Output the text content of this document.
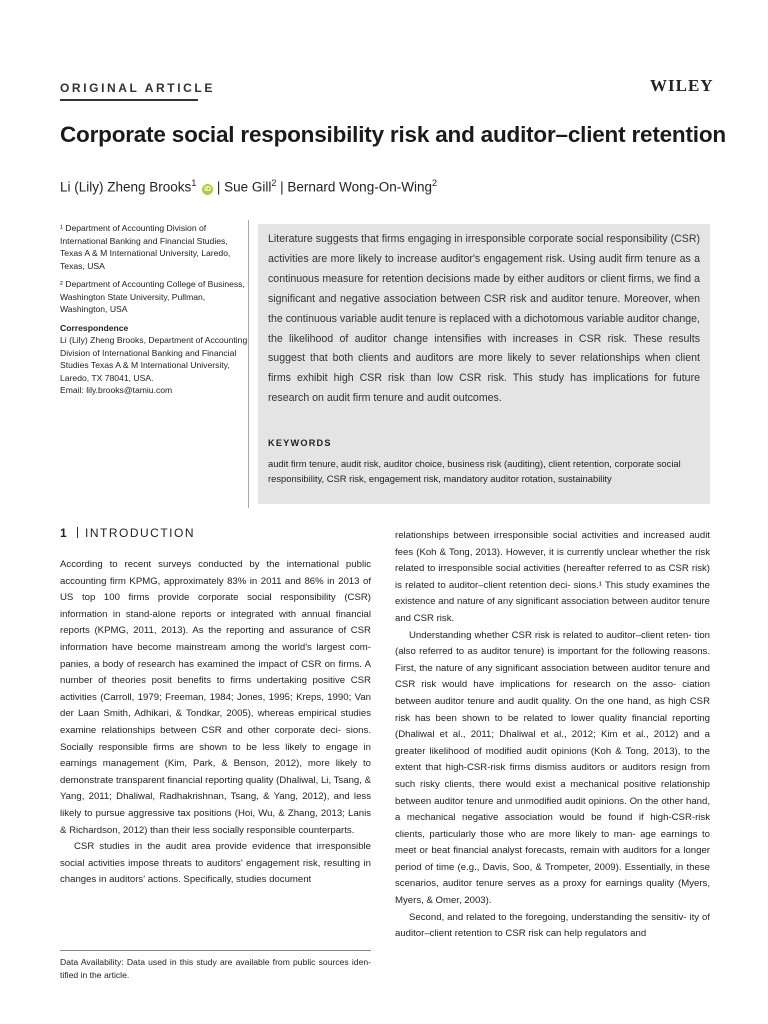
ORIGINAL ARTICLE	WILEY
Corporate social responsibility risk and auditor–client retention
Li (Lily) Zheng Brooks$^1$ iD | Sue Gill$^2$ | Bernard Wong-On-Wing$^2$

¹ Department of Accounting Division of International Banking and Financial Studies, Texas A & M International University, Laredo, Texas, USA

² Department of Accounting College of Business, Washington State University, Pullman, Washington, USA

Correspondence

Li (Lily) Zheng Brooks, Department of Accounting Division of International Banking and Financial Studies Texas A & M International University, Laredo, TX 78041, USA.

Email: lily.brooks@tamiu.com

Literature suggests that firms engaging in irresponsible corporate social responsibility (CSR) activities are more likely to increase auditor's engagement risk. Using audit firm tenure as a continuous measure for retention decisions made by either auditors or client firms, we find a significant and negative association between CSR risk and auditor tenure. Moreover, when the continuous variable audit tenure is replaced with a dichotomous variable auditor change, the likelihood of auditor change intensifies with increases in CSR risk. These results suggest that both clients and auditors are more likely to sever relationships when client firms exhibit high CSR risk than low CSR risk. This study has implications for future research on audit firm tenure and audit outcomes.
KEYWORDS
audit firm tenure, audit risk, auditor choice, business risk (auditing), client retention, corporate social responsibility, CSR risk, engagement risk, mandatory auditor rotation, sustainability
1 INTRODUCTION

According to recent surveys conducted by the international public accounting firm KPMG, approximately 83% in 2011 and 86% in 2013 of US top 100 firms provide corporate social responsibility (CSR) information in stand-alone reports or integrated with annual financial reports (KPMG, 2011, 2013). As the reporting and assurance of CSR information have become mainstream among the world's largest com- panies, a body of research has examined the impact of CSR on firms. A number of theories posit benefits to firms undertaking positive CSR activities (Carroll, 1979; Freeman, 1984; Jones, 1995; Kreps, 1990; Van der Laan Smith, Adhikari, & Tondkar, 2005), whereas empirical studies examine relationships between CSR and other corporate deci- sions. Socially responsible firms are shown to be less likely to engage in earnings management (Kim, Park, & Benson, 2012), more likely to demonstrate transparent financial reporting quality (Dhaliwal, Li, Tsang, & Yang, 2011; Dhaliwal, Radhakrishnan, Tsang, & Yang, 2012), and less likely to pursue aggressive tax positions (Hoi, Wu, & Zhang, 2013; Lanis & Richardson, 2012) than their less socially responsible counterparts.

CSR studies in the audit area provide evidence that irresponsible social activities impose threats to auditors' engagement risk, resulting in changes in auditors' actions. Specifically, studies document

relationships between irresponsible social activities and increased audit fees (Koh & Tong, 2013). However, it is currently unclear whether the risk related to irresponsible social activities (hereafter referred to as CSR risk) is related to auditor–client retention deci- sions.¹ This study examines the existence and nature of any significant association between auditor tenure and CSR risk.

Understanding whether CSR risk is related to auditor–client reten- tion (also referred to as auditor tenure) is important for the following reasons. First, the nature of any significant association between auditor tenure and CSR risk would have implications for research on the asso- ciation between auditor tenure and audit quality. On the one hand, as high CSR risk has been shown to be related to lower quality financial reporting (Dhaliwal et al., 2011; Dhaliwal et al., 2012; Kim et al., 2012) and a greater likelihood of modified audit opinions (Koh & Tong, 2013), to the extent that high-CSR-risk firms dismiss auditors or auditors resign from such risky clients, there would exist a mechanical positive relationship between auditor tenure and unmodified audit opinions. On the other hand, a mechanical negative association would be found if high-CSR-risk clients, particularly those who are more likely to man- age earnings to meet or beat financial analyst forecasts, remain with auditors for a longer period of time (e.g., Davis, Soo, & Trompeter, 2009). Essentially, in these scenarios, auditor tenure serves as a proxy for earnings quality (Myers, Myers, & Omer, 2003).

Second, and related to the foregoing, understanding the sensitiv- ity of auditor–client retention to CSR risk can help regulators and

Data Availability: Data used in this study are available from public sources iden- tified in the article.
